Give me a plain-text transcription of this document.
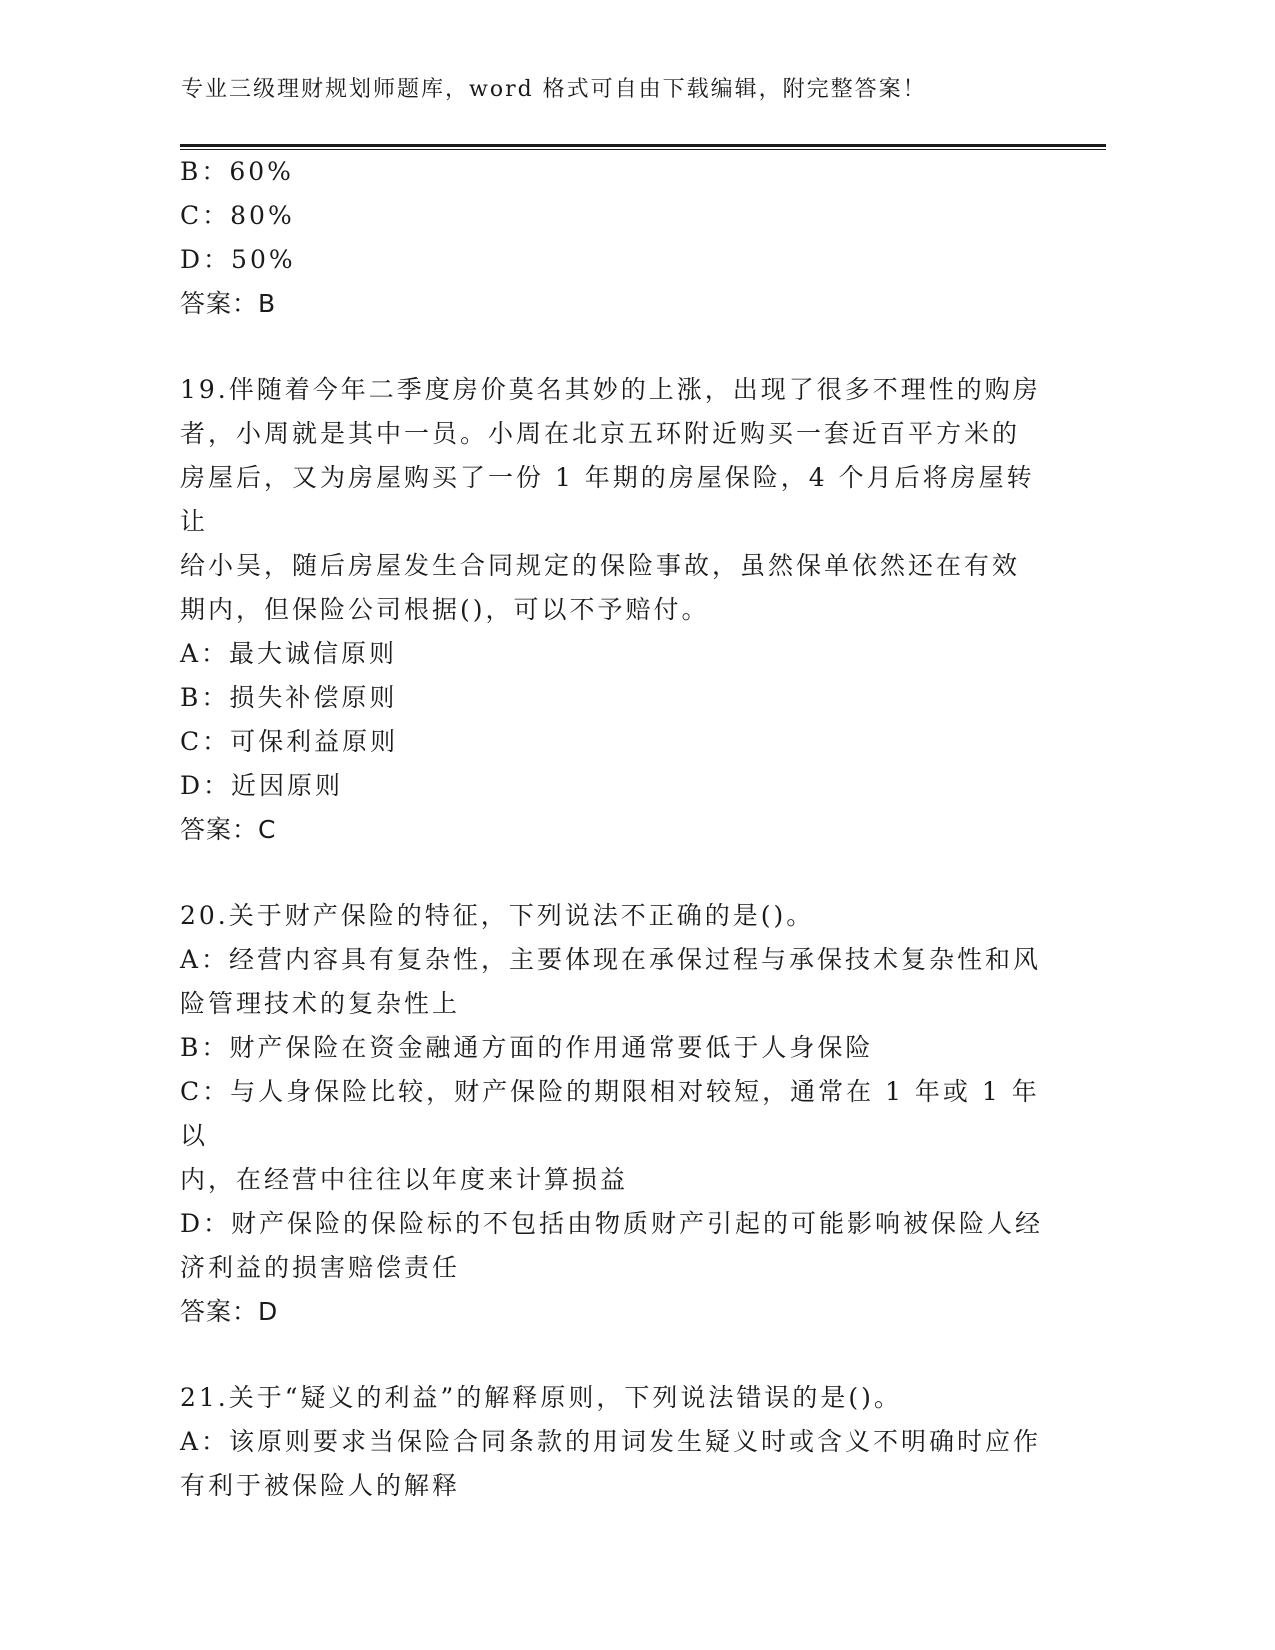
专业三级理财规划师题库，word 格式可自由下载编辑，附完整答案！

B：60%

C：80%

D：50%

答案：B

19.伴随着今年二季度房价莫名其妙的上涨，出现了很多不理性的购房

者，小周就是其中一员。小周在北京五环附近购买一套近百平方米的

房屋后，又为房屋购买了一份 1 年期的房屋保险，4 个月后将房屋转让

给小吴，随后房屋发生合同规定的保险事故，虽然保单依然还在有效

期内，但保险公司根据()，可以不予赔付。

A：最大诚信原则

B：损失补偿原则

C：可保利益原则

D：近因原则

答案：C

20.关于财产保险的特征，下列说法不正确的是()。

A：经营内容具有复杂性，主要体现在承保过程与承保技术复杂性和风

险管理技术的复杂性上

B：财产保险在资金融通方面的作用通常要低于人身保险

C：与人身保险比较，财产保险的期限相对较短，通常在 1 年或 1 年以

内，在经营中往往以年度来计算损益

D：财产保险的保险标的不包括由物质财产引起的可能影响被保险人经

济利益的损害赔偿责任

答案：D

21.关于“疑义的利益”的解释原则，下列说法错误的是()。

A：该原则要求当保险合同条款的用词发生疑义时或含义不明确时应作

有利于被保险人的解释
